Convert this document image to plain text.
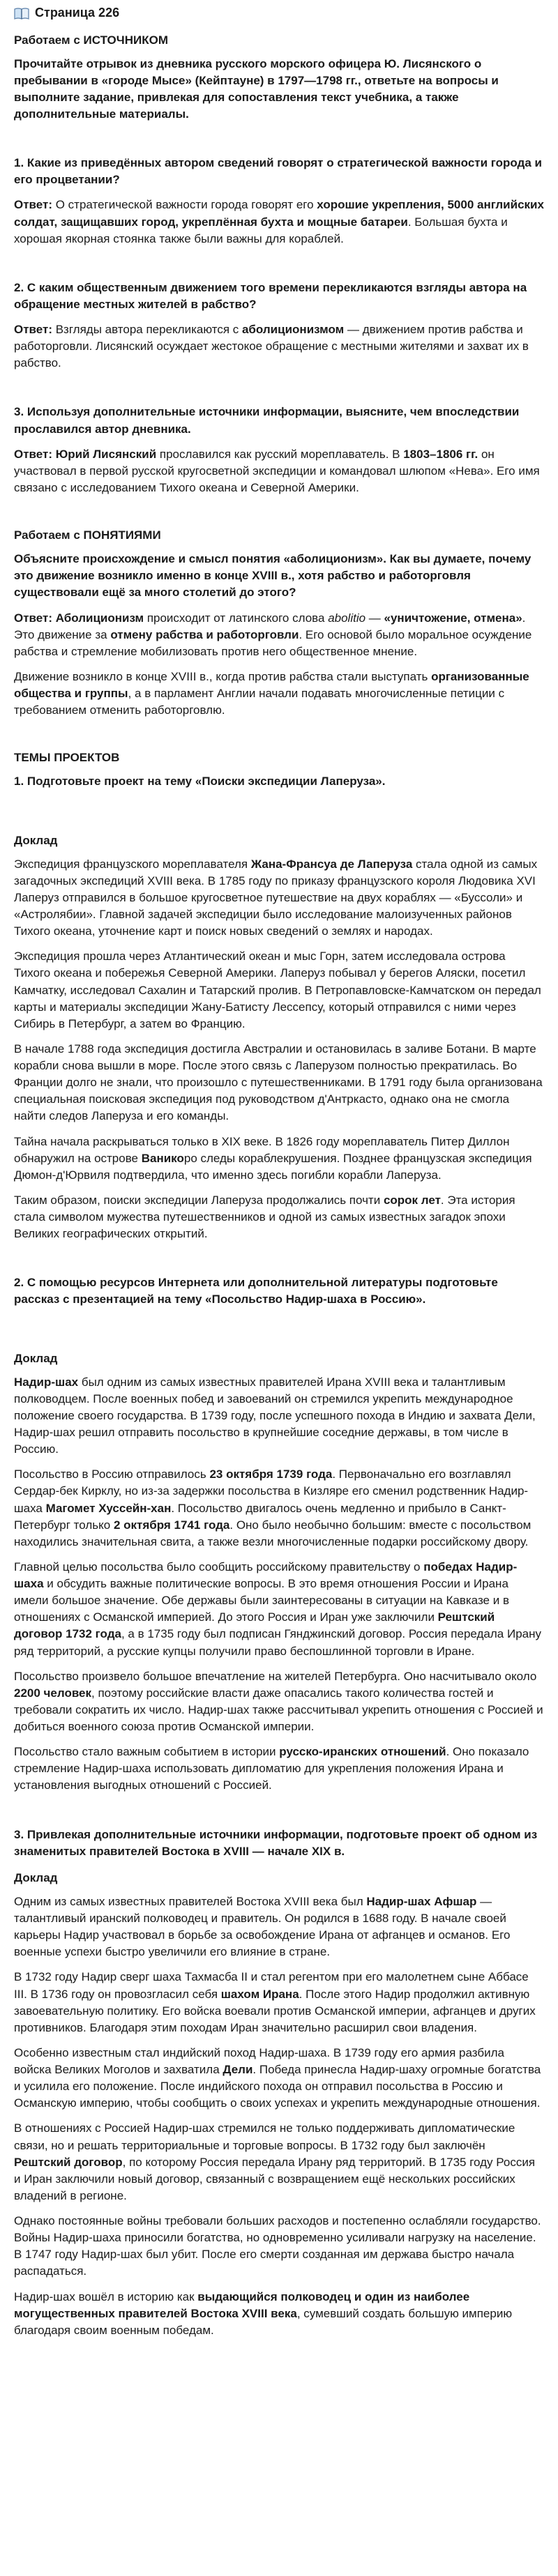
Страница 226
Работаем с ИСТОЧНИКОМ

Прочитайте отрывок из дневника русского морского офицера Ю. Лисянского о пребывании в «городе Мысе» (Кейптауне) в 1797—1798 гг., ответьте на вопросы и выполните задание, привлекая для сопоставления текст учебника, а также дополнительные материалы.

1. Какие из приведённых автором сведений говорят о стратегической важности города и его процветании?

Ответ: О стратегической важности города говорят его хорошие укрепления, 5000 английских солдат, защищавших город, укреплённая бухта и мощные батареи. Большая бухта и хорошая якорная стоянка также были важны для кораблей.

2. С каким общественным движением того времени перекликаются взгляды автора на обращение местных жителей в рабство?

Ответ: Взгляды автора перекликаются с аболиционизмом — движением против рабства и работорговли. Лисянский осуждает жестокое обращение с местными жителями и захват их в рабство.

3. Используя дополнительные источники информации, выясните, чем впоследствии прославился автор дневника.

Ответ: Юрий Лисянский прославился как русский мореплаватель. В 1803–1806 гг. он участвовал в первой русской кругосветной экспедиции и командовал шлюпом «Нева». Его имя связано с исследованием Тихого океана и Северной Америки.

Работаем с ПОНЯТИЯМИ

Объясните происхождение и смысл понятия «аболиционизм». Как вы думаете, почему это движение возникло именно в конце XVIII в., хотя рабство и работорговля существовали ещё за много столетий до этого?

Ответ: Аболиционизм происходит от латинского слова abolitio — «уничтожение, отмена». Это движение за отмену рабства и работорговли. Его основой было моральное осуждение рабства и стремление мобилизовать против него общественное мнение.

Движение возникло в конце XVIII в., когда против рабства стали выступать организованные общества и группы, а в парламент Англии начали подавать многочисленные петиции с требованием отменить работорговлю.

ТЕМЫ ПРОЕКТОВ

1. Подготовьте проект на тему «Поиски экспедиции Лаперуза».

Доклад

Экспедиция французского мореплавателя Жана-Франсуа де Лаперуза стала одной из самых загадочных экспедиций XVIII века. В 1785 году по приказу французского короля Людовика XVI Лаперуз отправился в большое кругосветное путешествие на двух кораблях — «Буссоли» и «Астролябии». Главной задачей экспедиции было исследование малоизученных районов Тихого океана, уточнение карт и поиск новых сведений о землях и народах.

Экспедиция прошла через Атлантический океан и мыс Горн, затем исследовала острова Тихого океана и побережья Северной Америки. Лаперуз побывал у берегов Аляски, посетил Камчатку, исследовал Сахалин и Татарский пролив. В Петропавловске-Камчатском он передал карты и материалы экспедиции Жану-Батисту Лессепсу, который отправился с ними через Сибирь в Петербург, а затем во Францию.

В начале 1788 года экспедиция достигла Австралии и остановилась в заливе Ботани. В марте корабли снова вышли в море. После этого связь с Лаперузом полностью прекратилась. Во Франции долго не знали, что произошло с путешественниками. В 1791 году была организована специальная поисковая экспедиция под руководством д'Антркасто, однако она не смогла найти следов Лаперуза и его команды.

Тайна начала раскрываться только в XIX веке. В 1826 году мореплаватель Питер Диллон обнаружил на острове Ваникоро следы кораблекрушения. Позднее французская экспедиция Дюмон-д'Юрвиля подтвердила, что именно здесь погибли корабли Лаперуза.

Таким образом, поиски экспедиции Лаперуза продолжались почти сорок лет. Эта история стала символом мужества путешественников и одной из самых известных загадок эпохи Великих географических открытий.

2. С помощью ресурсов Интернета или дополнительной литературы подготовьте рассказ с презентацией на тему «Посольство Надир-шаха в Россию».

Доклад

Надир-шах был одним из самых известных правителей Ирана XVIII века и талантливым полководцем. После военных побед и завоеваний он стремился укрепить международное положение своего государства. В 1739 году, после успешного похода в Индию и захвата Дели, Надир-шах решил отправить посольство в крупнейшие соседние державы, в том числе в Россию.

Посольство в Россию отправилось 23 октября 1739 года. Первоначально его возглавлял Сердар-бек Кирклу, но из-за задержки посольства в Кизляре его сменил родственник Надир-шаха Магомет Хуссейн-хан. Посольство двигалось очень медленно и прибыло в Санкт-Петербург только 2 октября 1741 года. Оно было необычно большим: вместе с посольством находились значительная свита, а также везли многочисленные подарки российскому двору.

Главной целью посольства было сообщить российскому правительству о победах Надир-шаха и обсудить важные политические вопросы. В это время отношения России и Ирана имели большое значение. Обе державы были заинтересованы в ситуации на Кавказе и в отношениях с Османской империей. До этого Россия и Иран уже заключили Рештский договор 1732 года, а в 1735 году был подписан Гянджинский договор. Россия передала Ирану ряд территорий, а русские купцы получили право беспошлинной торговли в Иране.

Посольство произвело большое впечатление на жителей Петербурга. Оно насчитывало около 2200 человек, поэтому российские власти даже опасались такого количества гостей и требовали сократить их число. Надир-шах также рассчитывал укрепить отношения с Россией и добиться военного союза против Османской империи.

Посольство стало важным событием в истории русско-иранских отношений. Оно показало стремление Надир-шаха использовать дипломатию для укрепления положения Ирана и установления выгодных отношений с Россией.

3. Привлекая дополнительные источники информации, подготовьте проект об одном из знаменитых правителей Востока в XVIII — начале XIX в.

Доклад

Одним из самых известных правителей Востока XVIII века был Надир-шах Афшар — талантливый иранский полководец и правитель. Он родился в 1688 году. В начале своей карьеры Надир участвовал в борьбе за освобождение Ирана от афганцев и османов. Его военные успехи быстро увеличили его влияние в стране.

В 1732 году Надир сверг шаха Тахмасба II и стал регентом при его малолетнем сыне Аббасе III. В 1736 году он провозгласил себя шахом Ирана. После этого Надир продолжил активную завоевательную политику. Его войска воевали против Османской империи, афганцев и других противников. Благодаря этим походам Иран значительно расширил свои владения.

Особенно известным стал индийский поход Надир-шаха. В 1739 году его армия разбила войска Великих Моголов и захватила Дели. Победа принесла Надир-шаху огромные богатства и усилила его положение. После индийского похода он отправил посольства в Россию и Османскую империю, чтобы сообщить о своих успехах и укрепить международные отношения.

В отношениях с Россией Надир-шах стремился не только поддерживать дипломатические связи, но и решать территориальные и торговые вопросы. В 1732 году был заключён Рештский договор, по которому Россия передала Ирану ряд территорий. В 1735 году Россия и Иран заключили новый договор, связанный с возвращением ещё нескольких российских владений в регионе.

Однако постоянные войны требовали больших расходов и постепенно ослабляли государство. Войны Надир-шаха приносили богатства, но одновременно усиливали нагрузку на население. В 1747 году Надир-шах был убит. После его смерти созданная им держава быстро начала распадаться.

Надир-шах вошёл в историю как выдающийся полководец и один из наиболее могущественных правителей Востока XVIII века, сумевший создать большую империю благодаря своим военным победам.
